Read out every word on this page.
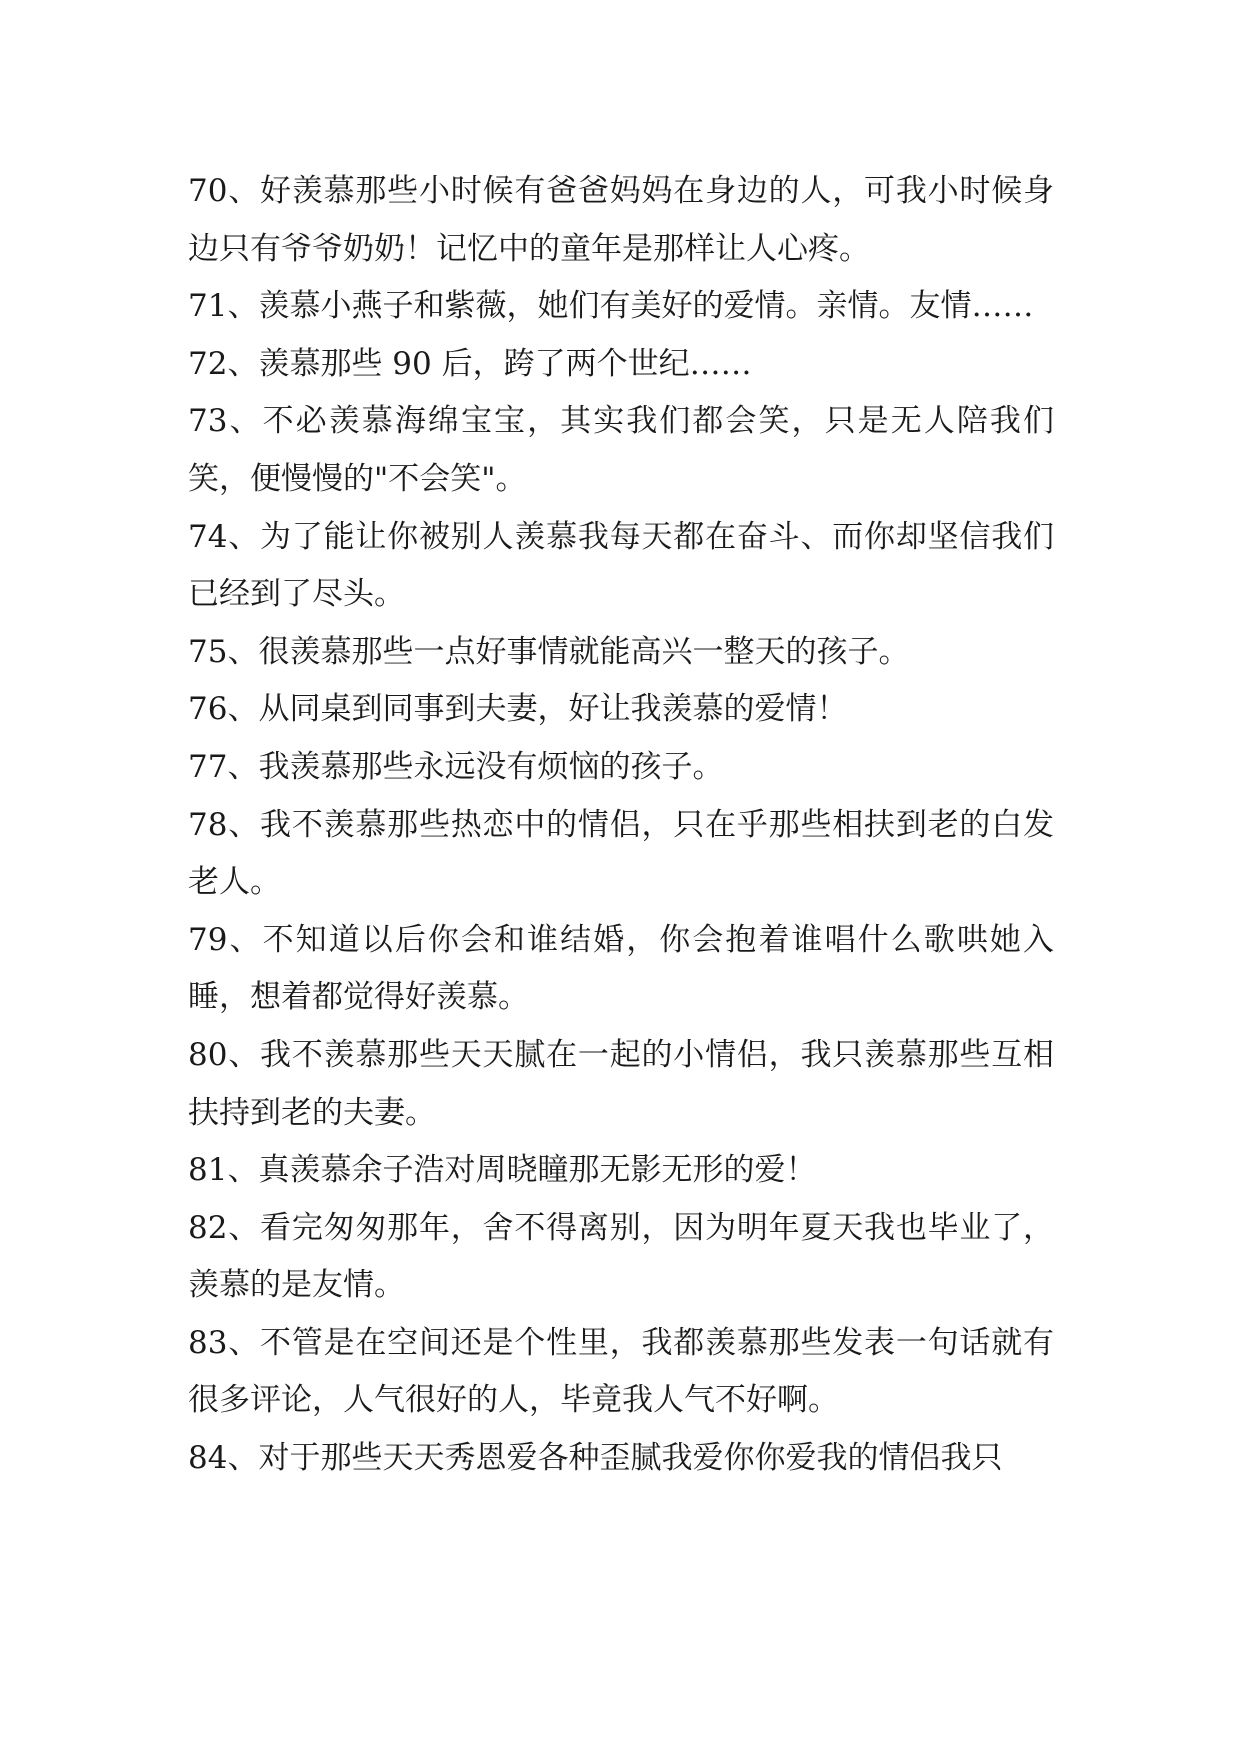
70、好羡慕那些小时候有爸爸妈妈在身边的人，可我小时候身边只有爷爷奶奶！记忆中的童年是那样让人心疼。

71、羡慕小燕子和紫薇，她们有美好的爱情。亲情。友情……

72、羡慕那些 90 后，跨了两个世纪……

73、不必羡慕海绵宝宝，其实我们都会笑，只是无人陪我们笑，便慢慢的"不会笑"。

74、为了能让你被别人羡慕我每天都在奋斗、而你却坚信我们已经到了尽头。

75、很羡慕那些一点好事情就能高兴一整天的孩子。

76、从同桌到同事到夫妻，好让我羡慕的爱情！

77、我羡慕那些永远没有烦恼的孩子。

78、我不羡慕那些热恋中的情侣，只在乎那些相扶到老的白发老人。

79、不知道以后你会和谁结婚，你会抱着谁唱什么歌哄她入睡，想着都觉得好羡慕。

80、我不羡慕那些天天腻在一起的小情侣，我只羡慕那些互相扶持到老的夫妻。

81、真羡慕余子浩对周晓瞳那无影无形的爱！

82、看完匆匆那年，舍不得离别，因为明年夏天我也毕业了，羡慕的是友情。

83、不管是在空间还是个性里，我都羡慕那些发表一句话就有很多评论，人气很好的人，毕竟我人气不好啊。

84、对于那些天天秀恩爱各种歪腻我爱你你爱我的情侣我只
